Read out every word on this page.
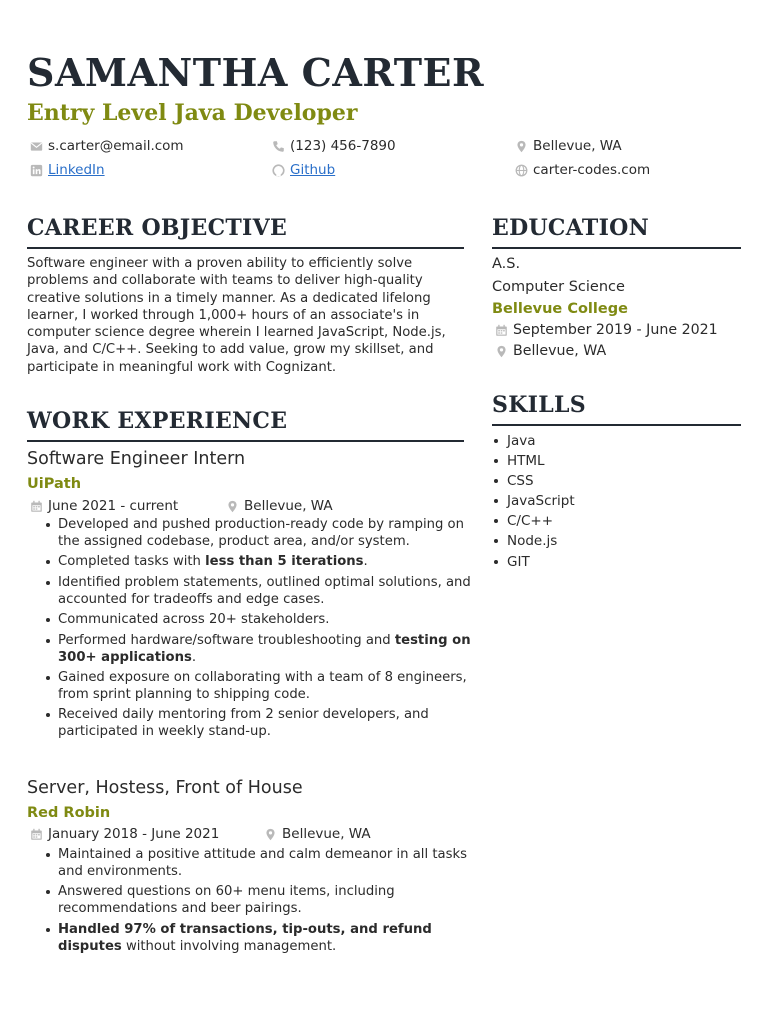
SAMANTHA CARTER
Entry Level Java Developer
s.carter@email.com	(123) 456-7890	Bellevue, WA
LinkedIn	Github	carter-codes.com
CAREER OBJECTIVE
Software engineer with a proven ability to efficiently solve problems and collaborate with teams to deliver high-quality creative solutions in a timely manner. As a dedicated lifelong learner, I worked through 1,000+ hours of an associate's in computer science degree wherein I learned JavaScript, Node.js, Java, and C/C++. Seeking to add value, grow my skillset, and participate in meaningful work with Cognizant.
WORK EXPERIENCE
Software Engineer Intern
UiPath
June 2021 - current	Bellevue, WA
Developed and pushed production-ready code by ramping on the assigned codebase, product area, and/or system.
Completed tasks with less than 5 iterations.
Identified problem statements, outlined optimal solutions, and accounted for tradeoffs and edge cases.
Communicated across 20+ stakeholders.
Performed hardware/software troubleshooting and testing on 300+ applications.
Gained exposure on collaborating with a team of 8 engineers, from sprint planning to shipping code.
Received daily mentoring from 2 senior developers, and participated in weekly stand-up.
Server, Hostess, Front of House
Red Robin
January 2018 - June 2021	Bellevue, WA
Maintained a positive attitude and calm demeanor in all tasks and environments.
Answered questions on 60+ menu items, including recommendations and beer pairings.
Handled 97% of transactions, tip-outs, and refund disputes without involving management.
EDUCATION
A.S.
Computer Science
Bellevue College
September 2019 - June 2021
Bellevue, WA
SKILLS
Java
HTML
CSS
JavaScript
C/C++
Node.js
GIT
